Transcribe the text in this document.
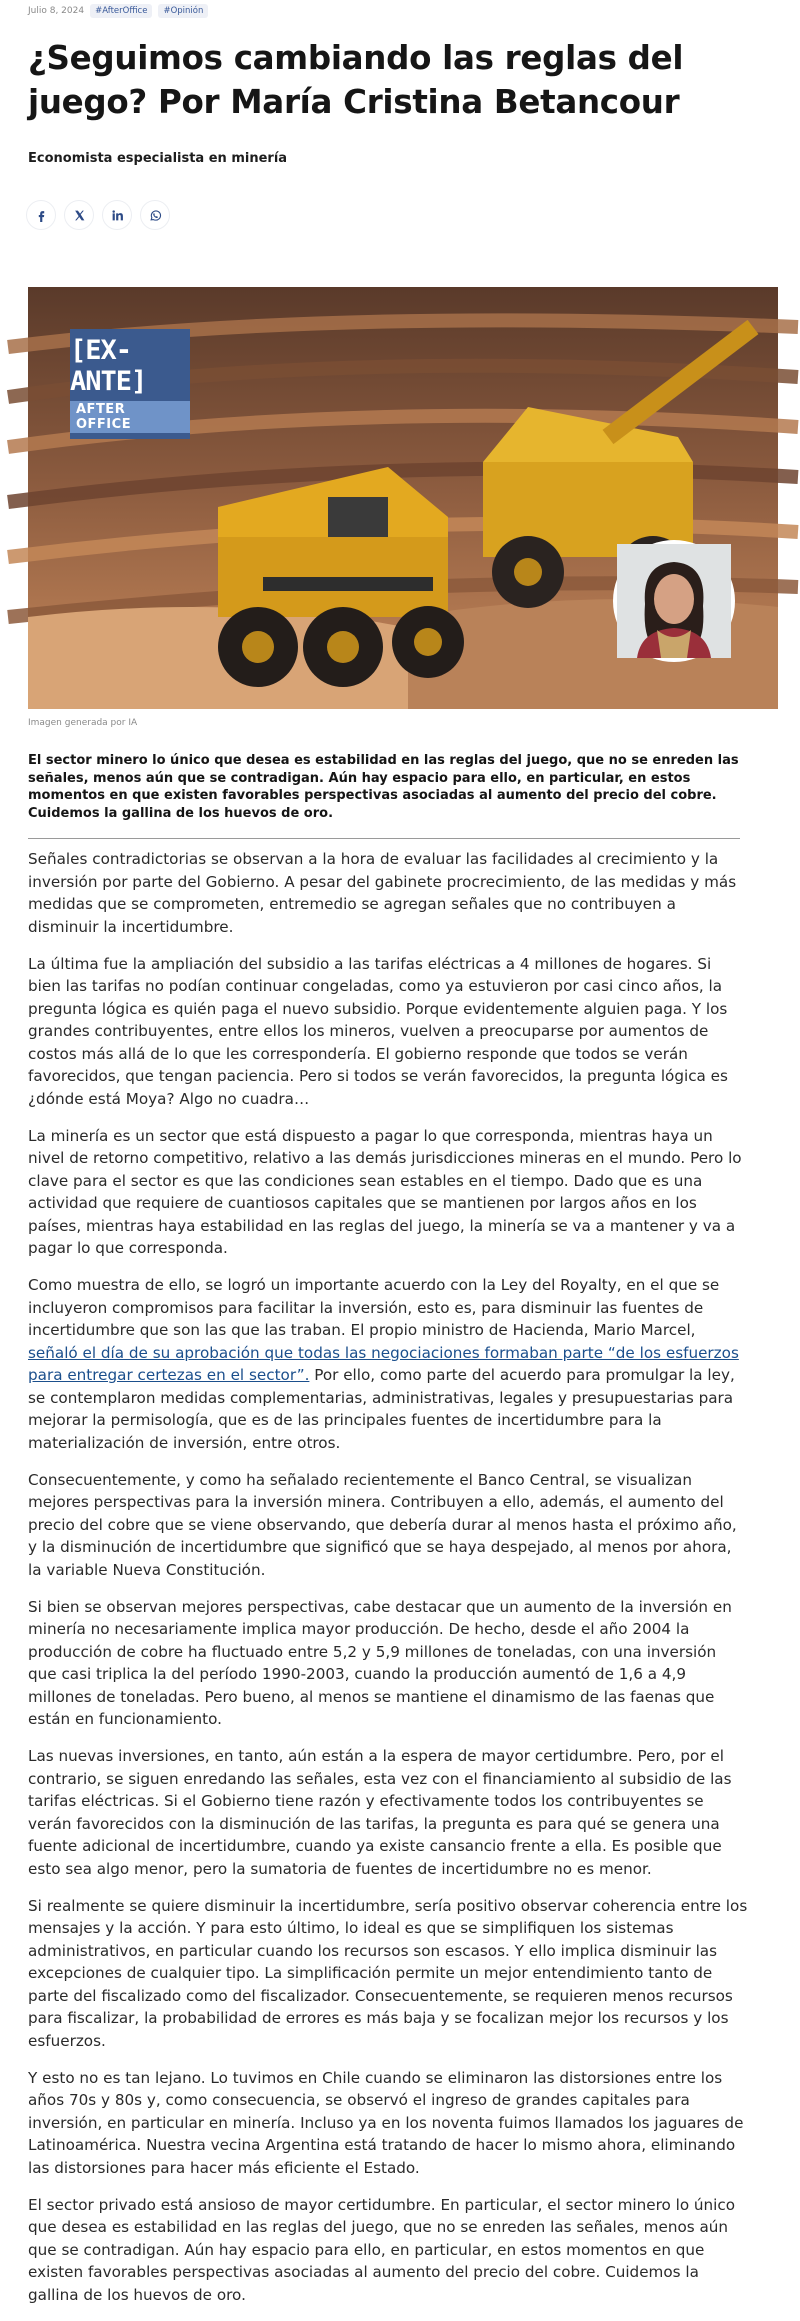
Julio 8, 2024	#AfterOffice	#Opinión
¿Seguimos cambiando las reglas del juego? Por María Cristina Betancour
Economista especialista en minería
[EX-ANTE]
AFTER OFFICE
Imagen generada por IA
El sector minero lo único que desea es estabilidad en las reglas del juego, que no se enreden las señales, menos aún que se contradigan. Aún hay espacio para ello, en particular, en estos momentos en que existen favorables perspectivas asociadas al aumento del precio del cobre. Cuidemos la gallina de los huevos de oro.

Señales contradictorias se observan a la hora de evaluar las facilidades al crecimiento y la inversión por parte del Gobierno. A pesar del gabinete procrecimiento, de las medidas y más medidas que se comprometen, entremedio se agregan señales que no contribuyen a disminuir la incertidumbre.

La última fue la ampliación del subsidio a las tarifas eléctricas a 4 millones de hogares. Si bien las tarifas no podían continuar congeladas, como ya estuvieron por casi cinco años, la pregunta lógica es quién paga el nuevo subsidio. Porque evidentemente alguien paga. Y los grandes contribuyentes, entre ellos los mineros, vuelven a preocuparse por aumentos de costos más allá de lo que les correspondería. El gobierno responde que todos se verán favorecidos, que tengan paciencia. Pero si todos se verán favorecidos, la pregunta lógica es ¿dónde está Moya? Algo no cuadra…

La minería es un sector que está dispuesto a pagar lo que corresponda, mientras haya un nivel de retorno competitivo, relativo a las demás jurisdicciones mineras en el mundo. Pero lo clave para el sector es que las condiciones sean estables en el tiempo. Dado que es una actividad que requiere de cuantiosos capitales que se mantienen por largos años en los países, mientras haya estabilidad en las reglas del juego, la minería se va a mantener y va a pagar lo que corresponda.

Como muestra de ello, se logró un importante acuerdo con la Ley del Royalty, en el que se incluyeron compromisos para facilitar la inversión, esto es, para disminuir las fuentes de incertidumbre que son las que las traban. El propio ministro de Hacienda, Mario Marcel, señaló el día de su aprobación que todas las negociaciones formaban parte “de los esfuerzos para entregar certezas en el sector”. Por ello, como parte del acuerdo para promulgar la ley, se contemplaron medidas complementarias, administrativas, legales y presupuestarias para mejorar la permisología, que es de las principales fuentes de incertidumbre para la materialización de inversión, entre otros.

Consecuentemente, y como ha señalado recientemente el Banco Central, se visualizan mejores perspectivas para la inversión minera. Contribuyen a ello, además, el aumento del precio del cobre que se viene observando, que debería durar al menos hasta el próximo año, y la disminución de incertidumbre que significó que se haya despejado, al menos por ahora, la variable Nueva Constitución.

Si bien se observan mejores perspectivas, cabe destacar que un aumento de la inversión en minería no necesariamente implica mayor producción. De hecho, desde el año 2004 la producción de cobre ha fluctuado entre 5,2 y 5,9 millones de toneladas, con una inversión que casi triplica la del período 1990-2003, cuando la producción aumentó de 1,6 a 4,9 millones de toneladas. Pero bueno, al menos se mantiene el dinamismo de las faenas que están en funcionamiento.

Las nuevas inversiones, en tanto, aún están a la espera de mayor certidumbre. Pero, por el contrario, se siguen enredando las señales, esta vez con el financiamiento al subsidio de las tarifas eléctricas. Si el Gobierno tiene razón y efectivamente todos los contribuyentes se verán favorecidos con la disminución de las tarifas, la pregunta es para qué se genera una fuente adicional de incertidumbre, cuando ya existe cansancio frente a ella. Es posible que esto sea algo menor, pero la sumatoria de fuentes de incertidumbre no es menor.

Si realmente se quiere disminuir la incertidumbre, sería positivo observar coherencia entre los mensajes y la acción. Y para esto último, lo ideal es que se simplifiquen los sistemas administrativos, en particular cuando los recursos son escasos. Y ello implica disminuir las excepciones de cualquier tipo. La simplificación permite un mejor entendimiento tanto de parte del fiscalizado como del fiscalizador. Consecuentemente, se requieren menos recursos para fiscalizar, la probabilidad de errores es más baja y se focalizan mejor los recursos y los esfuerzos.

Y esto no es tan lejano. Lo tuvimos en Chile cuando se eliminaron las distorsiones entre los años 70s y 80s y, como consecuencia, se observó el ingreso de grandes capitales para inversión, en particular en minería. Incluso ya en los noventa fuimos llamados los jaguares de Latinoamérica. Nuestra vecina Argentina está tratando de hacer lo mismo ahora, eliminando las distorsiones para hacer más eficiente el Estado.

El sector privado está ansioso de mayor certidumbre. En particular, el sector minero lo único que desea es estabilidad en las reglas del juego, que no se enreden las señales, menos aún que se contradigan. Aún hay espacio para ello, en particular, en estos momentos en que existen favorables perspectivas asociadas al aumento del precio del cobre. Cuidemos la gallina de los huevos de oro.
